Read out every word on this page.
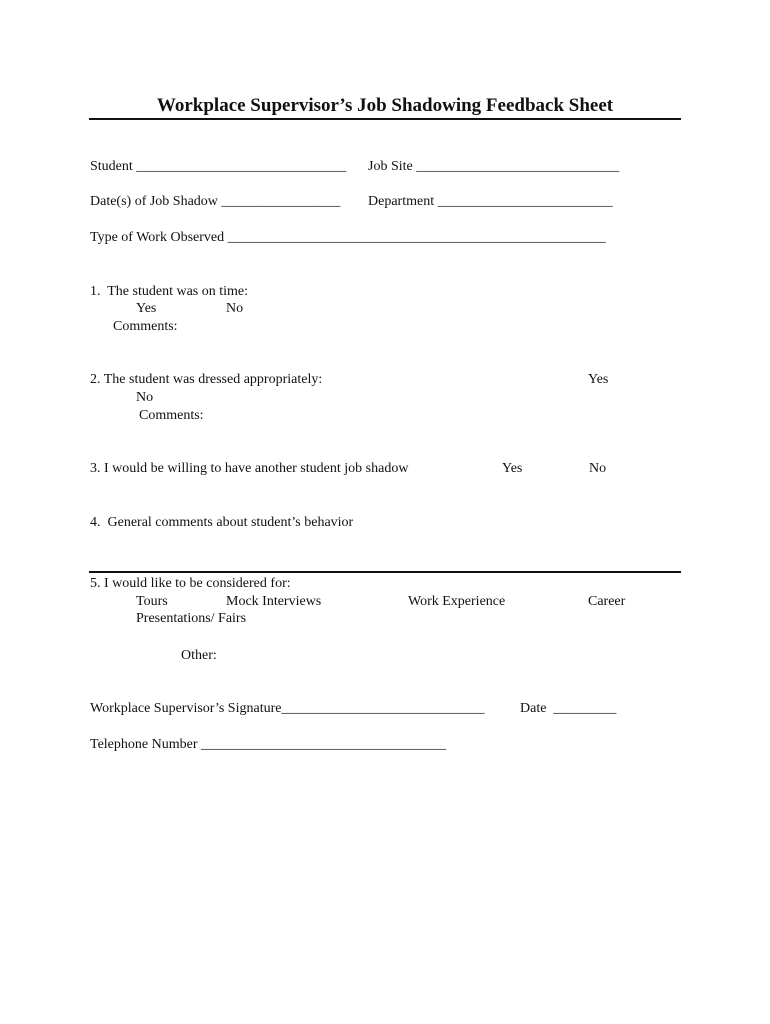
Workplace Supervisor’s Job Shadowing Feedback Sheet
Student ______________________________ Job Site _____________________________
Date(s) of Job Shadow _________________ Department _________________________
Type of Work Observed ______________________________________________________
1.  The student was on time:
Yes	No
Comments:
2. The student was dressed appropriately:	Yes
No
Comments:
3. I would be willing to have another student job shadow	Yes	No
4.  General comments about student’s behavior
5. I would like to be considered for:
Tours	Mock Interviews	Work Experience	Career
Presentations/ Fairs
Other:
Workplace Supervisor’s Signature_____________________________	Date  _________
Telephone Number ___________________________________
